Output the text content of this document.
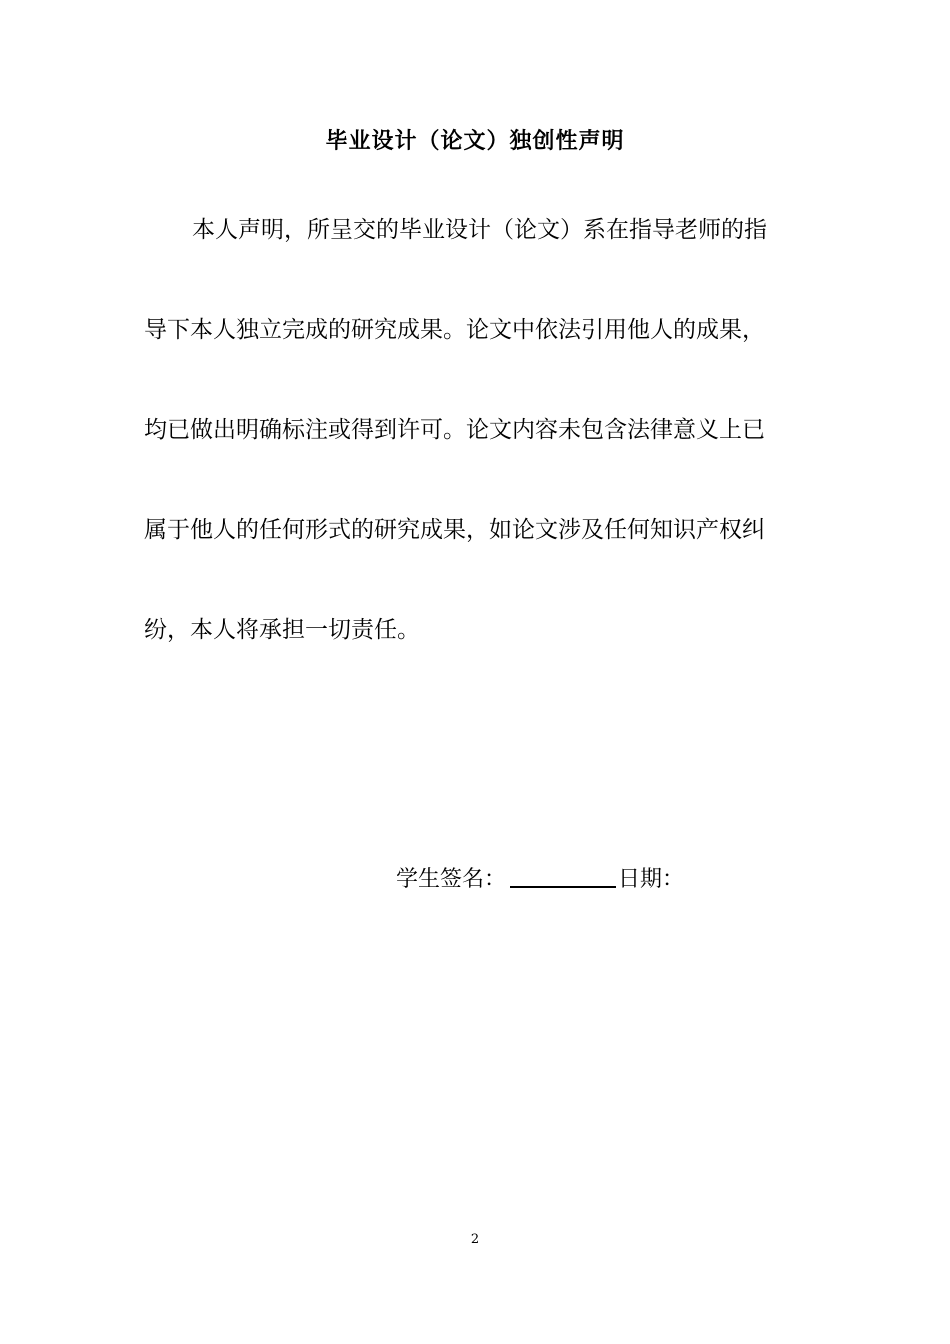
毕业设计（论文）独创性声明
本人声明，所呈交的毕业设计（论文）系在指导老师的指
导下本人独立完成的研究成果。论文中依法引用他人的成果，
均已做出明确标注或得到许可。论文内容未包含法律意义上已
属于他人的任何形式的研究成果，如论文涉及任何知识产权纠
纷，本人将承担一切责任。
学生签名：	日期：
2
